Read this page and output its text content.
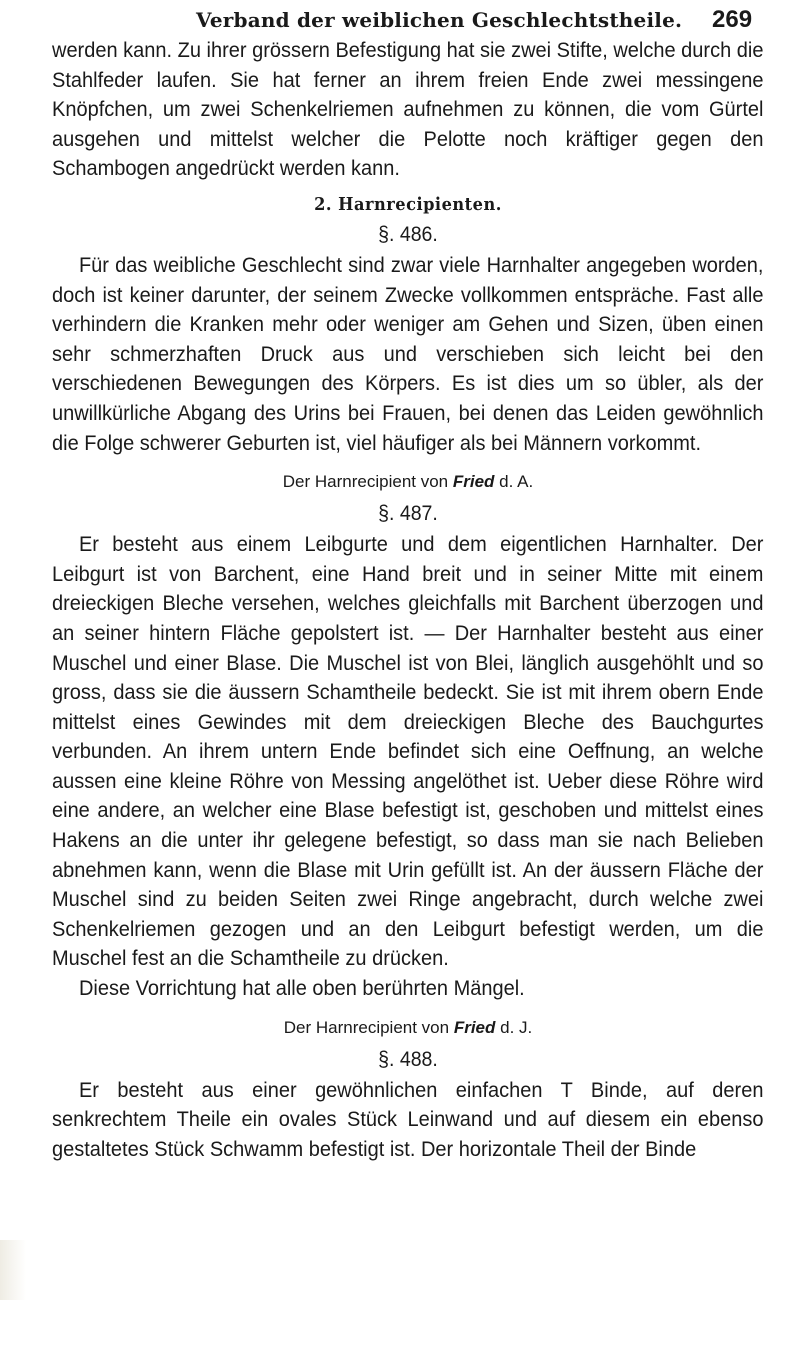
Verband der weiblichen Geschlechtstheile. 269

werden kann. Zu ihrer grössern Befestigung hat sie zwei Stifte, welche durch die Stahlfeder laufen. Sie hat ferner an ihrem freien Ende zwei messingene Knöpfchen, um zwei Schenkelriemen aufnehmen zu können, die vom Gürtel ausgehen und mittelst welcher die Pelotte noch kräftiger gegen den Schambogen angedrückt werden kann.

2. Harnrecipienten.
§. 486.

Für das weibliche Geschlecht sind zwar viele Harnhalter angegeben worden, doch ist keiner darunter, der seinem Zwecke vollkommen entspräche. Fast alle verhindern die Kranken mehr oder weniger am Gehen und Sizen, üben einen sehr schmerzhaften Druck aus und verschieben sich leicht bei den verschiedenen Bewegungen des Körpers. Es ist dies um so übler, als der unwillkürliche Abgang des Urins bei Frauen, bei denen das Leiden gewöhnlich die Folge schwerer Geburten ist, viel häufiger als bei Männern vorkommt.

Der Harnrecipient von Fried d. A.
§. 487.

Er besteht aus einem Leibgurte und dem eigentlichen Harnhalter. Der Leibgurt ist von Barchent, eine Hand breit und in seiner Mitte mit einem dreieckigen Bleche versehen, welches gleichfalls mit Barchent überzogen und an seiner hintern Fläche gepolstert ist. — Der Harnhalter besteht aus einer Muschel und einer Blase. Die Muschel ist von Blei, länglich ausgehöhlt und so gross, dass sie die äussern Schamtheile bedeckt. Sie ist mit ihrem obern Ende mittelst eines Gewindes mit dem dreieckigen Bleche des Bauchgurtes verbunden. An ihrem untern Ende befindet sich eine Oeffnung, an welche aussen eine kleine Röhre von Messing angelöthet ist. Ueber diese Röhre wird eine andere, an welcher eine Blase befestigt ist, geschoben und mittelst eines Hakens an die unter ihr gelegene befestigt, so dass man sie nach Belieben abnehmen kann, wenn die Blase mit Urin gefüllt ist. An der äussern Fläche der Muschel sind zu beiden Seiten zwei Ringe angebracht, durch welche zwei Schenkelriemen gezogen und an den Leibgurt befestigt werden, um die Muschel fest an die Schamtheile zu drücken.

Diese Vorrichtung hat alle oben berührten Mängel.

Der Harnrecipient von Fried d. J.
§. 488.

Er besteht aus einer gewöhnlichen einfachen T Binde, auf deren senkrechtem Theile ein ovales Stück Leinwand und auf diesem ein ebenso gestaltetes Stück Schwamm befestigt ist. Der horizontale Theil der Binde
